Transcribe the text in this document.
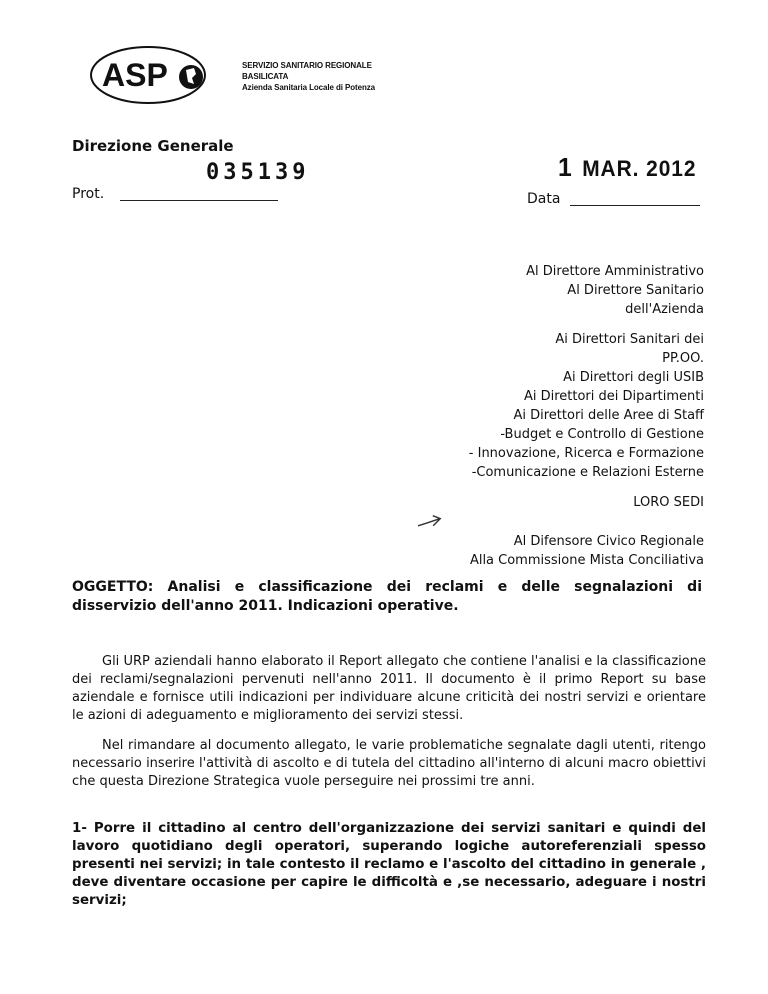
ASP	SERVIZIO SANITARIO REGIONALE
BASILICATA
Azienda Sanitaria Locale di Potenza
Direzione Generale
035139	1 MAR. 2012
Prot.	Data
Al Direttore Amministrativo
Al Direttore Sanitario
dell'Azienda
Ai Direttori Sanitari dei
PP.OO.
Ai Direttori degli USIB
Ai Direttori dei Dipartimenti
Ai Direttori delle Aree di Staff
-Budget e Controllo di Gestione
- Innovazione, Ricerca e Formazione
-Comunicazione e Relazioni Esterne
LORO SEDI
Al Difensore Civico Regionale
Alla Commissione Mista Conciliativa
OGGETTO: Analisi e classificazione dei reclami e delle segnalazioni di disservizio dell'anno 2011. Indicazioni operative.
Gli URP aziendali hanno elaborato il Report allegato che contiene l'analisi e la classificazione dei reclami/segnalazioni pervenuti nell'anno 2011. Il documento è il primo Report su base aziendale e fornisce utili indicazioni per individuare alcune criticità dei nostri servizi e orientare le azioni di adeguamento e miglioramento dei servizi stessi.
Nel rimandare al documento allegato, le varie problematiche segnalate dagli utenti, ritengo necessario inserire l'attività di ascolto e di tutela del cittadino all'interno di alcuni macro obiettivi che questa Direzione Strategica vuole perseguire nei prossimi tre anni.
1- Porre il cittadino al centro dell'organizzazione dei servizi sanitari e quindi del lavoro quotidiano degli operatori, superando logiche autoreferenziali spesso presenti nei servizi; in tale contesto il reclamo e l'ascolto del cittadino in generale , deve diventare occasione per capire le difficoltà e ,se necessario, adeguare i nostri servizi;
